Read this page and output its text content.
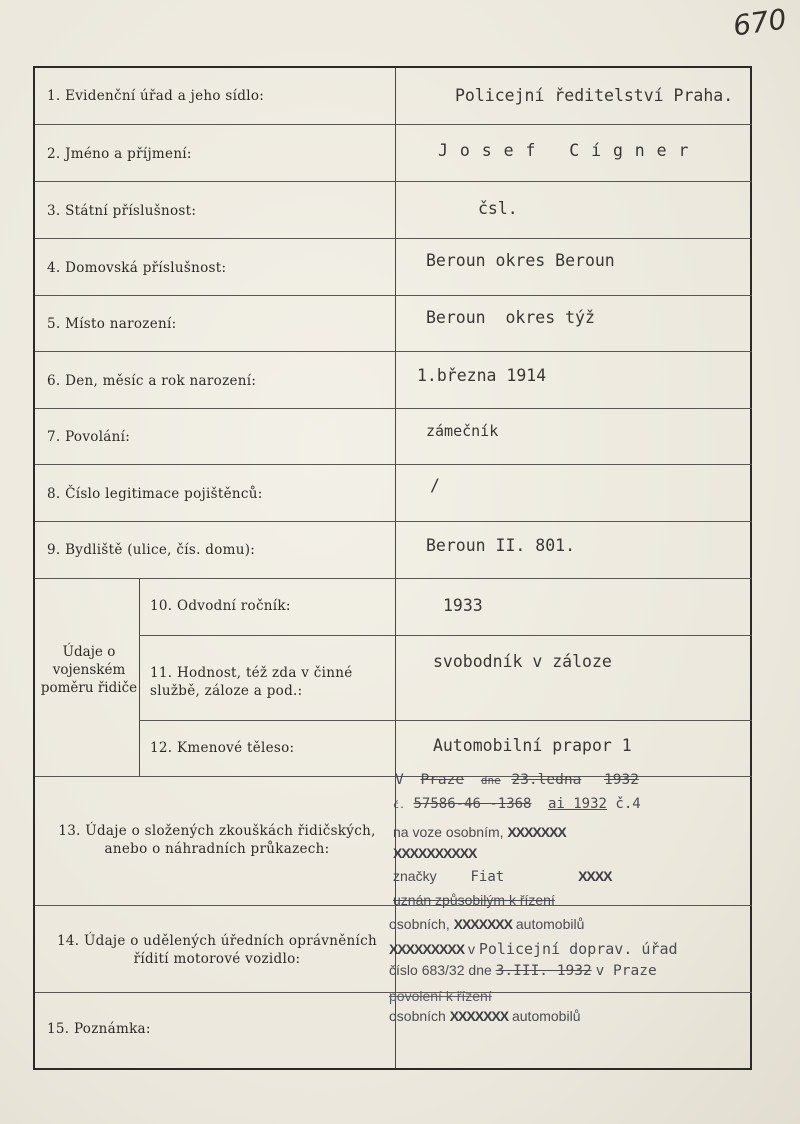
670
1. Evidenční úřad a jeho sídlo:
2. Jméno a příjmení:
3. Státní příslušnost:
4. Domovská příslušnost:
5. Místo narození:
6. Den, měsíc a rok narození:
7. Povolání:
8. Číslo legitimace pojištěnců:
9. Bydliště (ulice, čís. domu):
Policejní ředitelství Praha.
J o s e f   C í g n e r
čsl.
Beroun okres Beroun
Beroun  okres týž
1.března 1914
zámečník
/
Beroun II. 801.
Údaje o vojenském poměru řidiče
10. Odvodní ročník:
11. Hodnost, též zda v činné službě, záloze a pod.:
12. Kmenové těleso:
1933
svobodník v záloze
Automobilní prapor 1
13. Údaje o složených zkouškách řidičských, anebo o náhradních průkazech:
V Praze dne 23.ledna 1932
č. 57586-46 -1368 ai 1932 č.4
na voze osobním, XXXXXXX
XXXXXXXXXX
značky Fiat	XXXX
uznán způsobilým k řízení
14. Údaje o udělených úředních oprávněních řídití motorové vozidlo:
osobních, XXXXXXX automobilů
XXXXXXXXX v Policejní doprav. úřad
číslo 683/32 dne 3.III. 1932 v Praze
15. Poznámka:
povolení k řízení
osobních XXXXXXX automobilů
